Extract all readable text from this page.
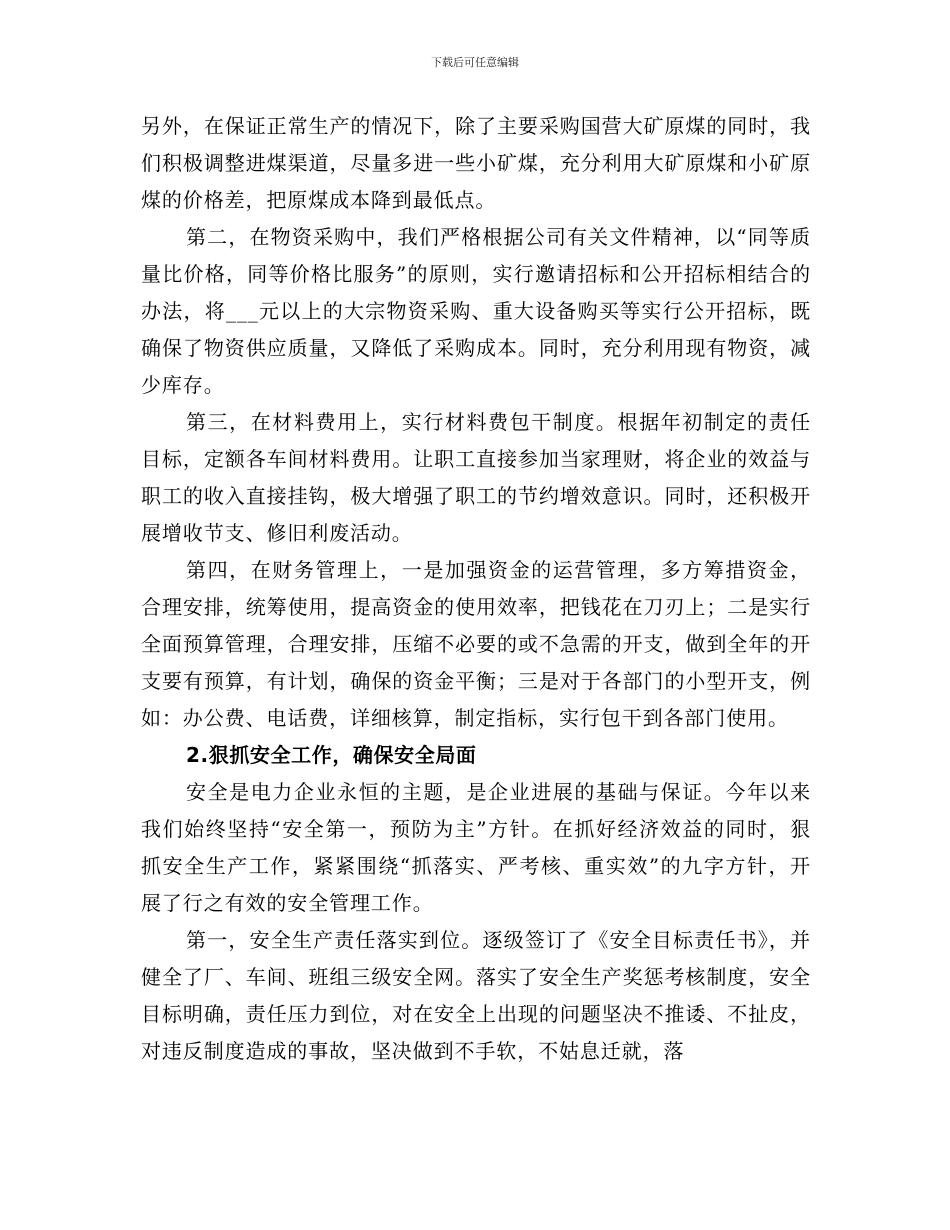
下载后可任意编辑

另外，在保证正常生产的情况下，除了主要采购国营大矿原煤的同时，我们积极调整进煤渠道，尽量多进一些小矿煤，充分利用大矿原煤和小矿原煤的价格差，把原煤成本降到最低点。

第二，在物资采购中，我们严格根据公司有关文件精神，以“同等质量比价格，同等价格比服务”的原则，实行邀请招标和公开招标相结合的办法，将___元以上的大宗物资采购、重大设备购买等实行公开招标，既确保了物资供应质量，又降低了采购成本。同时，充分利用现有物资，减少库存。

第三，在材料费用上，实行材料费包干制度。根据年初制定的责任目标，定额各车间材料费用。让职工直接参加当家理财，将企业的效益与职工的收入直接挂钩，极大增强了职工的节约增效意识。同时，还积极开展增收节支、修旧利废活动。

第四，在财务管理上，一是加强资金的运营管理，多方筹措资金，合理安排，统筹使用，提高资金的使用效率，把钱花在刀刃上；二是实行全面预算管理，合理安排，压缩不必要的或不急需的开支，做到全年的开支要有预算，有计划，确保的资金平衡；三是对于各部门的小型开支，例如：办公费、电话费，详细核算，制定指标，实行包干到各部门使用。

2.狠抓安全工作，确保安全局面

安全是电力企业永恒的主题，是企业进展的基础与保证。今年以来我们始终坚持“安全第一，预防为主”方针。在抓好经济效益的同时，狠抓安全生产工作，紧紧围绕“抓落实、严考核、重实效”的九字方针，开展了行之有效的安全管理工作。

第一，安全生产责任落实到位。逐级签订了《安全目标责任书》，并健全了厂、车间、班组三级安全网。落实了安全生产奖惩考核制度，安全目标明确，责任压力到位，对在安全上出现的问题坚决不推诿、不扯皮，对违反制度造成的事故，坚决做到不手软，不姑息迁就，落
